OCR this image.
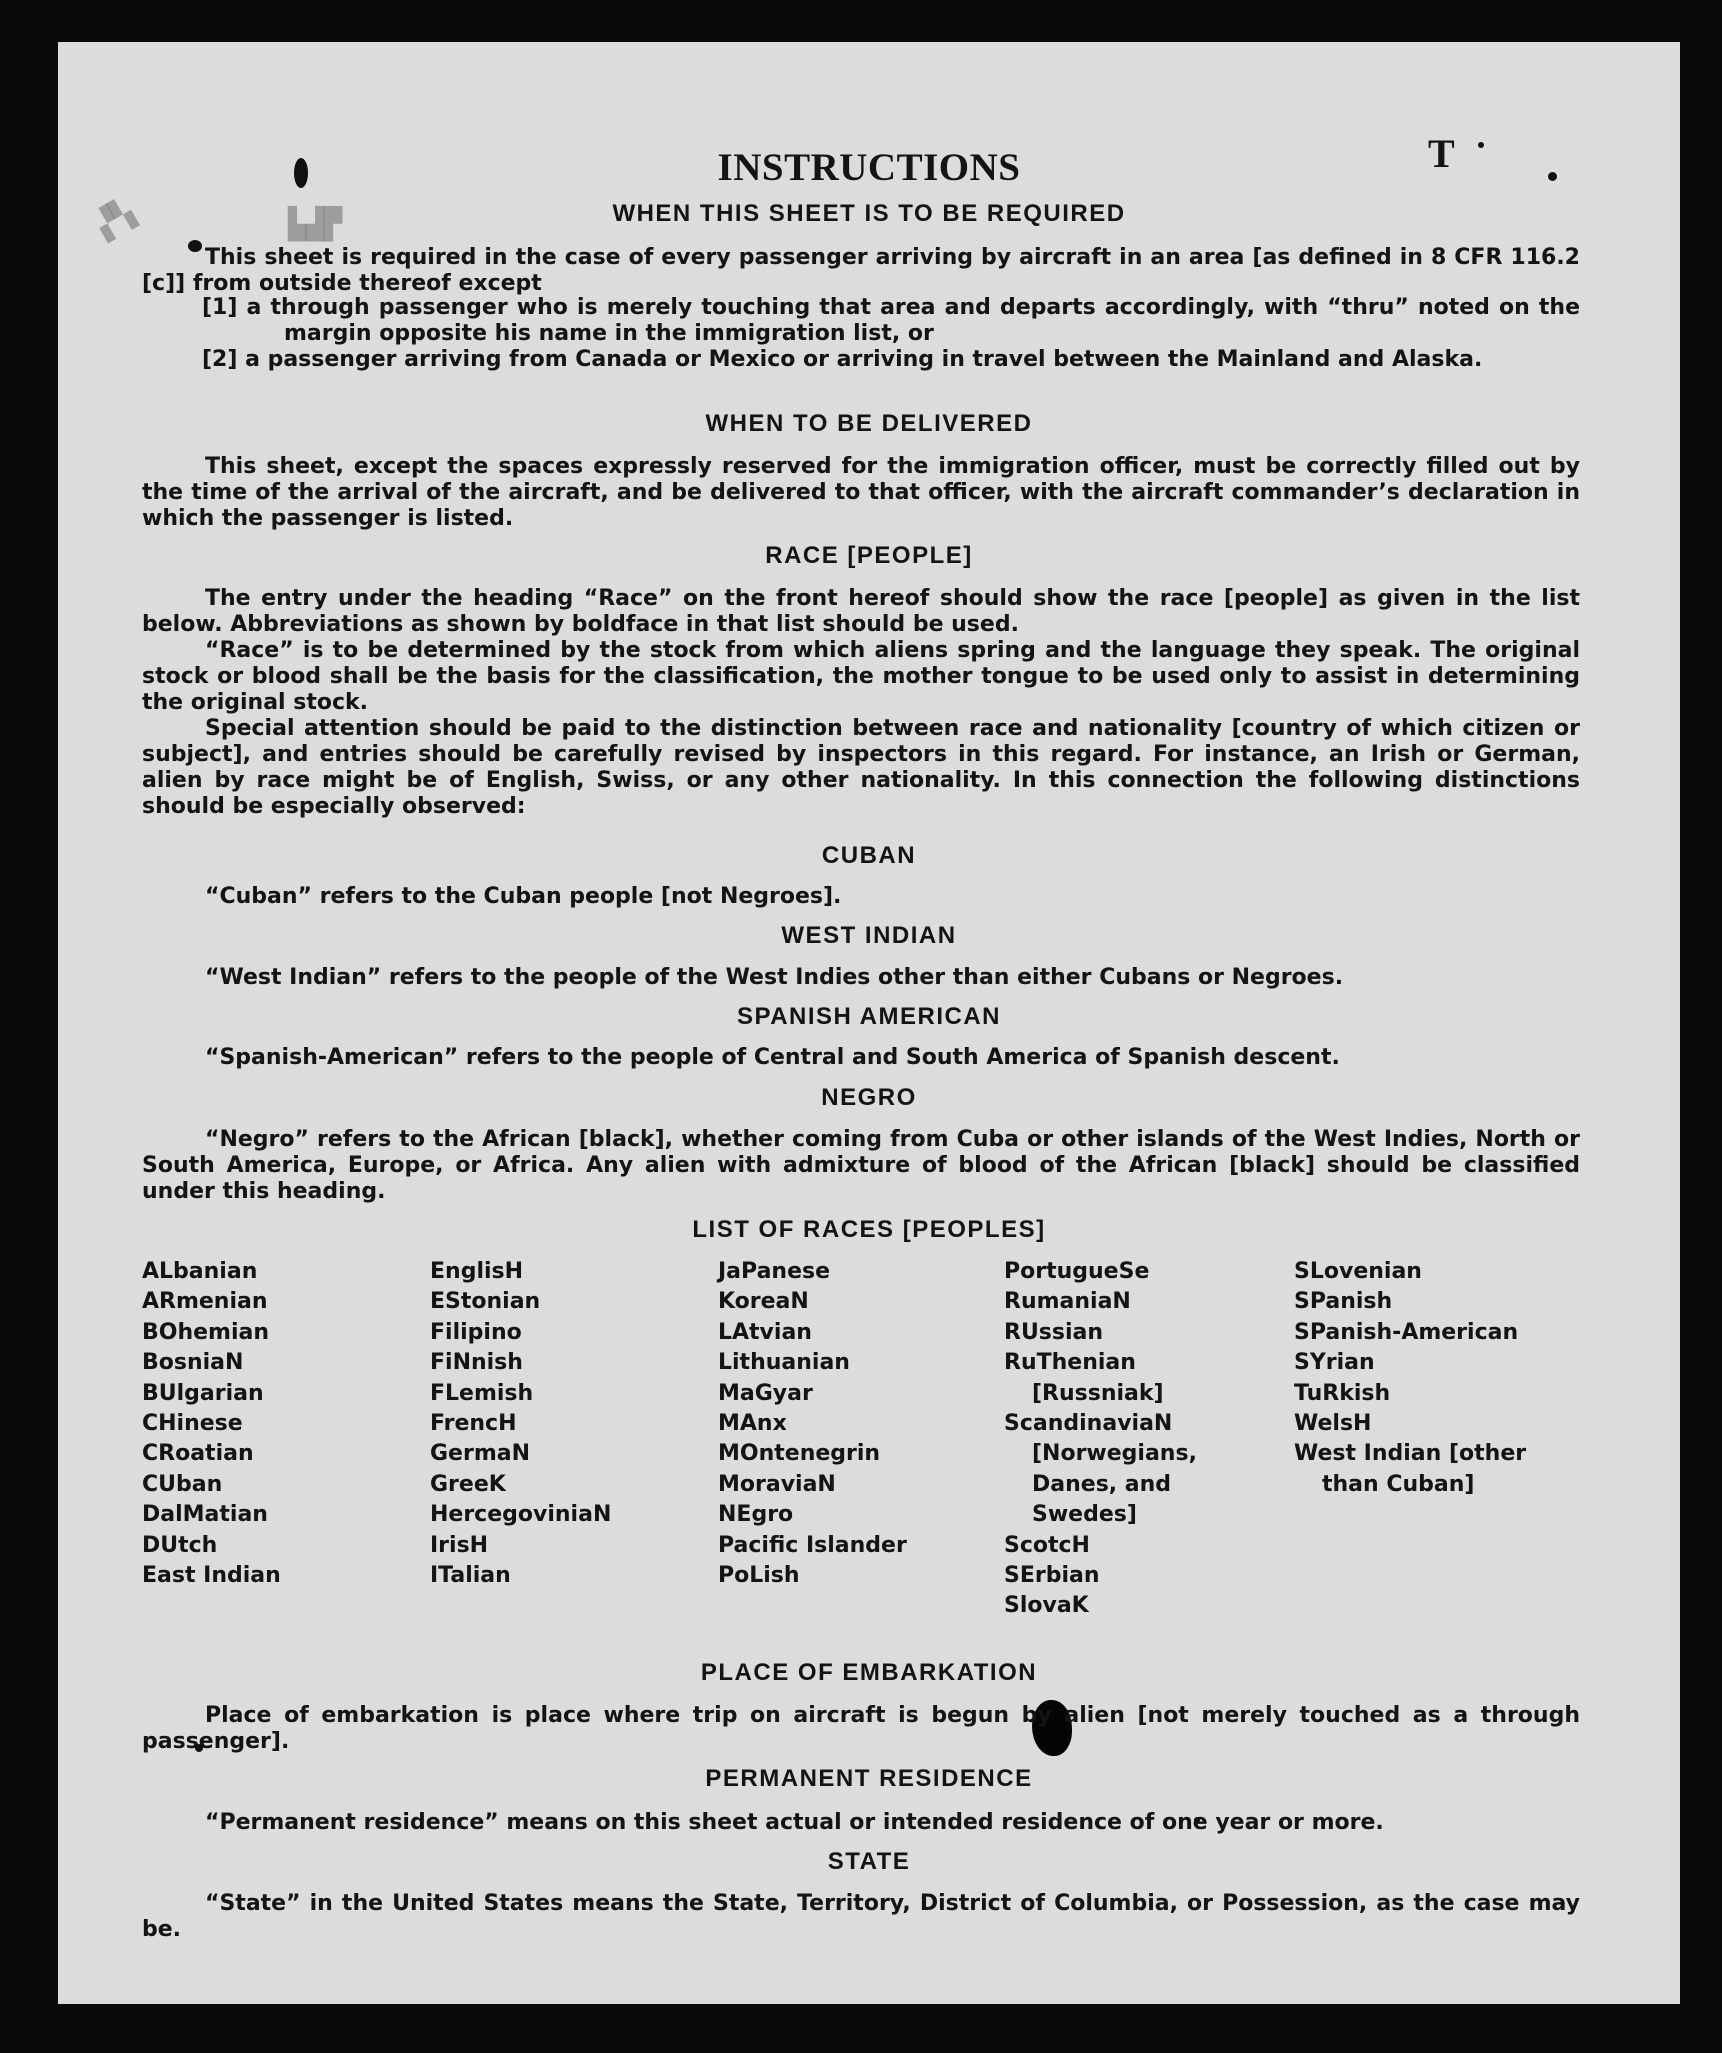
▞▚	▙▟▛
T
INSTRUCTIONS
WHEN THIS SHEET IS TO BE REQUIRED

This sheet is required in the case of every passenger arriving by aircraft in an area [as defined in 8 CFR 116.2 [c]] from outside thereof except

[1] a through passenger who is merely touching that area and departs accordingly, with “thru” noted on the margin opposite his name in the immigration list, or

[2] a passenger arriving from Canada or Mexico or arriving in travel between the Mainland and Alaska.

WHEN TO BE DELIVERED

This sheet, except the spaces expressly reserved for the immigration officer, must be correctly filled out by the time of the arrival of the aircraft, and be delivered to that officer, with the aircraft commander’s declaration in which the passenger is listed.

RACE [PEOPLE]

The entry under the heading “Race” on the front hereof should show the race [people] as given in the list below. Abbreviations as shown by boldface in that list should be used.

“Race” is to be determined by the stock from which aliens spring and the language they speak. The original stock or blood shall be the basis for the classification, the mother tongue to be used only to assist in determining the original stock.

Special attention should be paid to the distinction between race and nationality [country of which citizen or subject], and entries should be carefully revised by inspectors in this regard. For instance, an Irish or German, alien by race might be of English, Swiss, or any other nationality. In this connection the following distinctions should be especially observed:

CUBAN

“Cuban” refers to the Cuban people [not Negroes].

WEST INDIAN

“West Indian” refers to the people of the West Indies other than either Cubans or Negroes.

SPANISH AMERICAN

“Spanish-American” refers to the people of Central and South America of Spanish descent.

NEGRO

“Negro” refers to the African [black], whether coming from Cuba or other islands of the West Indies, North or South America, Europe, or Africa. Any alien with admixture of blood of the African [black] should be classified under this heading.

LIST OF RACES [PEOPLES]
ALbanian
ARmenian
BOhemian
BosniaN
BUlgarian
CHinese
CRoatian
CUban
DalMatian
DUtch
East Indian
EnglisH
EStonian
Filipino
FiNnish
FLemish
FrencH
GermaN
GreeK
HercegoviniaN
IrisH
ITalian
JaPanese
KoreaN
LAtvian
Lithuanian
MaGyar
MAnx
MOntenegrin
MoraviaN
NEgro
Pacific Islander
PoLish
PortugueSe
RumaniaN
RUssian
RuThenian [Russniak]
ScandinaviaN [Norwegians, Danes, and Swedes]
ScotcH
SErbian
SlovaK
SLovenian
SPanish
SPanish-American
SYrian
TuRkish
WelsH
West Indian [other than Cuban]
PLACE OF EMBARKATION

Place of embarkation is place where trip on aircraft is begun by alien [not merely touched as a through passenger].

PERMANENT RESIDENCE

“Permanent residence” means on this sheet actual or intended residence of one year or more.

STATE

“State” in the United States means the State, Territory, District of Columbia, or Possession, as the case may be.
